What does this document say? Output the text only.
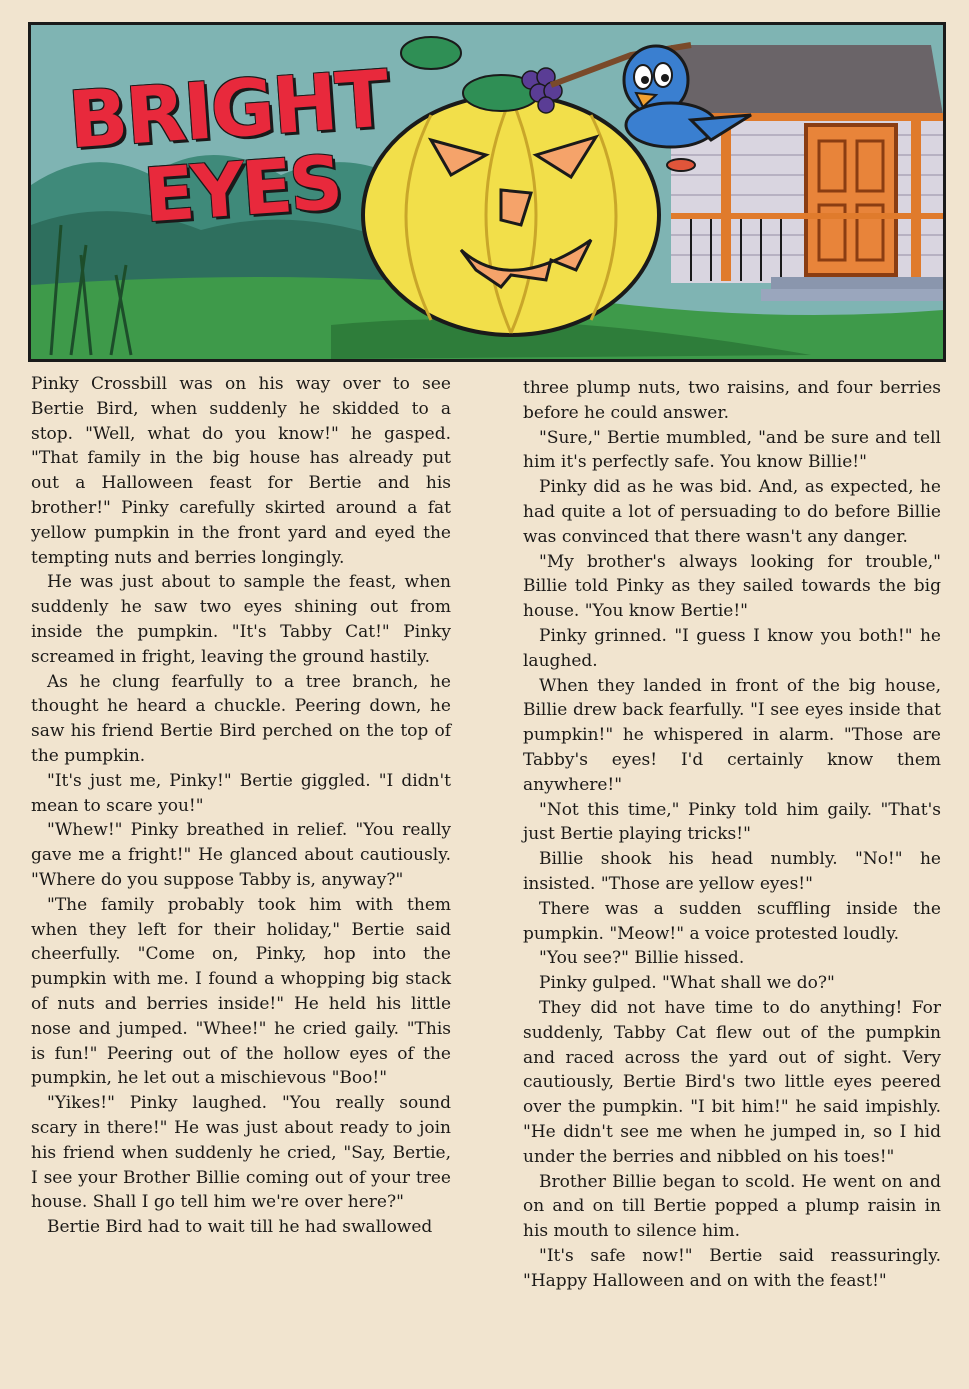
BRIGHT
EYES

Pinky Crossbill was on his way over to see Bertie Bird, when suddenly he skidded to a stop. "Well, what do you know!" he gasped. "That family in the big house has already put out a Halloween feast for Bertie and his brother!" Pinky carefully skirted around a fat yellow pumpkin in the front yard and eyed the tempting nuts and berries longingly.

He was just about to sample the feast, when suddenly he saw two eyes shining out from inside the pumpkin. "It's Tabby Cat!" Pinky screamed in fright, leaving the ground hastily.

As he clung fearfully to a tree branch, he thought he heard a chuckle. Peering down, he saw his friend Bertie Bird perched on the top of the pumpkin.

"It's just me, Pinky!" Bertie giggled. "I didn't mean to scare you!"

"Whew!" Pinky breathed in relief. "You really gave me a fright!" He glanced about cautiously. "Where do you suppose Tabby is, anyway?"

"The family probably took him with them when they left for their holiday," Bertie said cheerfully. "Come on, Pinky, hop into the pumpkin with me. I found a whopping big stack of nuts and berries inside!" He held his little nose and jumped. "Whee!" he cried gaily. "This is fun!" Peering out of the hollow eyes of the pumpkin, he let out a mischievous "Boo!"

"Yikes!" Pinky laughed. "You really sound scary in there!" He was just about ready to join his friend when suddenly he cried, "Say, Bertie, I see your Brother Billie coming out of your tree house. Shall I go tell him we're over here?"

Bertie Bird had to wait till he had swallowed

three plump nuts, two raisins, and four berries before he could answer.

"Sure," Bertie mumbled, "and be sure and tell him it's perfectly safe. You know Billie!"

Pinky did as he was bid. And, as expected, he had quite a lot of persuading to do before Billie was convinced that there wasn't any danger.

"My brother's always looking for trouble," Billie told Pinky as they sailed towards the big house. "You know Bertie!"

Pinky grinned. "I guess I know you both!" he laughed.

When they landed in front of the big house, Billie drew back fearfully. "I see eyes inside that pumpkin!" he whispered in alarm. "Those are Tabby's eyes! I'd certainly know them anywhere!"

"Not this time," Pinky told him gaily. "That's just Bertie playing tricks!"

Billie shook his head numbly. "No!" he insisted. "Those are yellow eyes!"

There was a sudden scuffling inside the pumpkin. "Meow!" a voice protested loudly.

"You see?" Billie hissed.

Pinky gulped. "What shall we do?"

They did not have time to do anything! For suddenly, Tabby Cat flew out of the pumpkin and raced across the yard out of sight. Very cautiously, Bertie Bird's two little eyes peered over the pumpkin. "I bit him!" he said impishly. "He didn't see me when he jumped in, so I hid under the berries and nibbled on his toes!"

Brother Billie began to scold. He went on and on and on till Bertie popped a plump raisin in his mouth to silence him.

"It's safe now!" Bertie said reassuringly. "Happy Halloween and on with the feast!"
